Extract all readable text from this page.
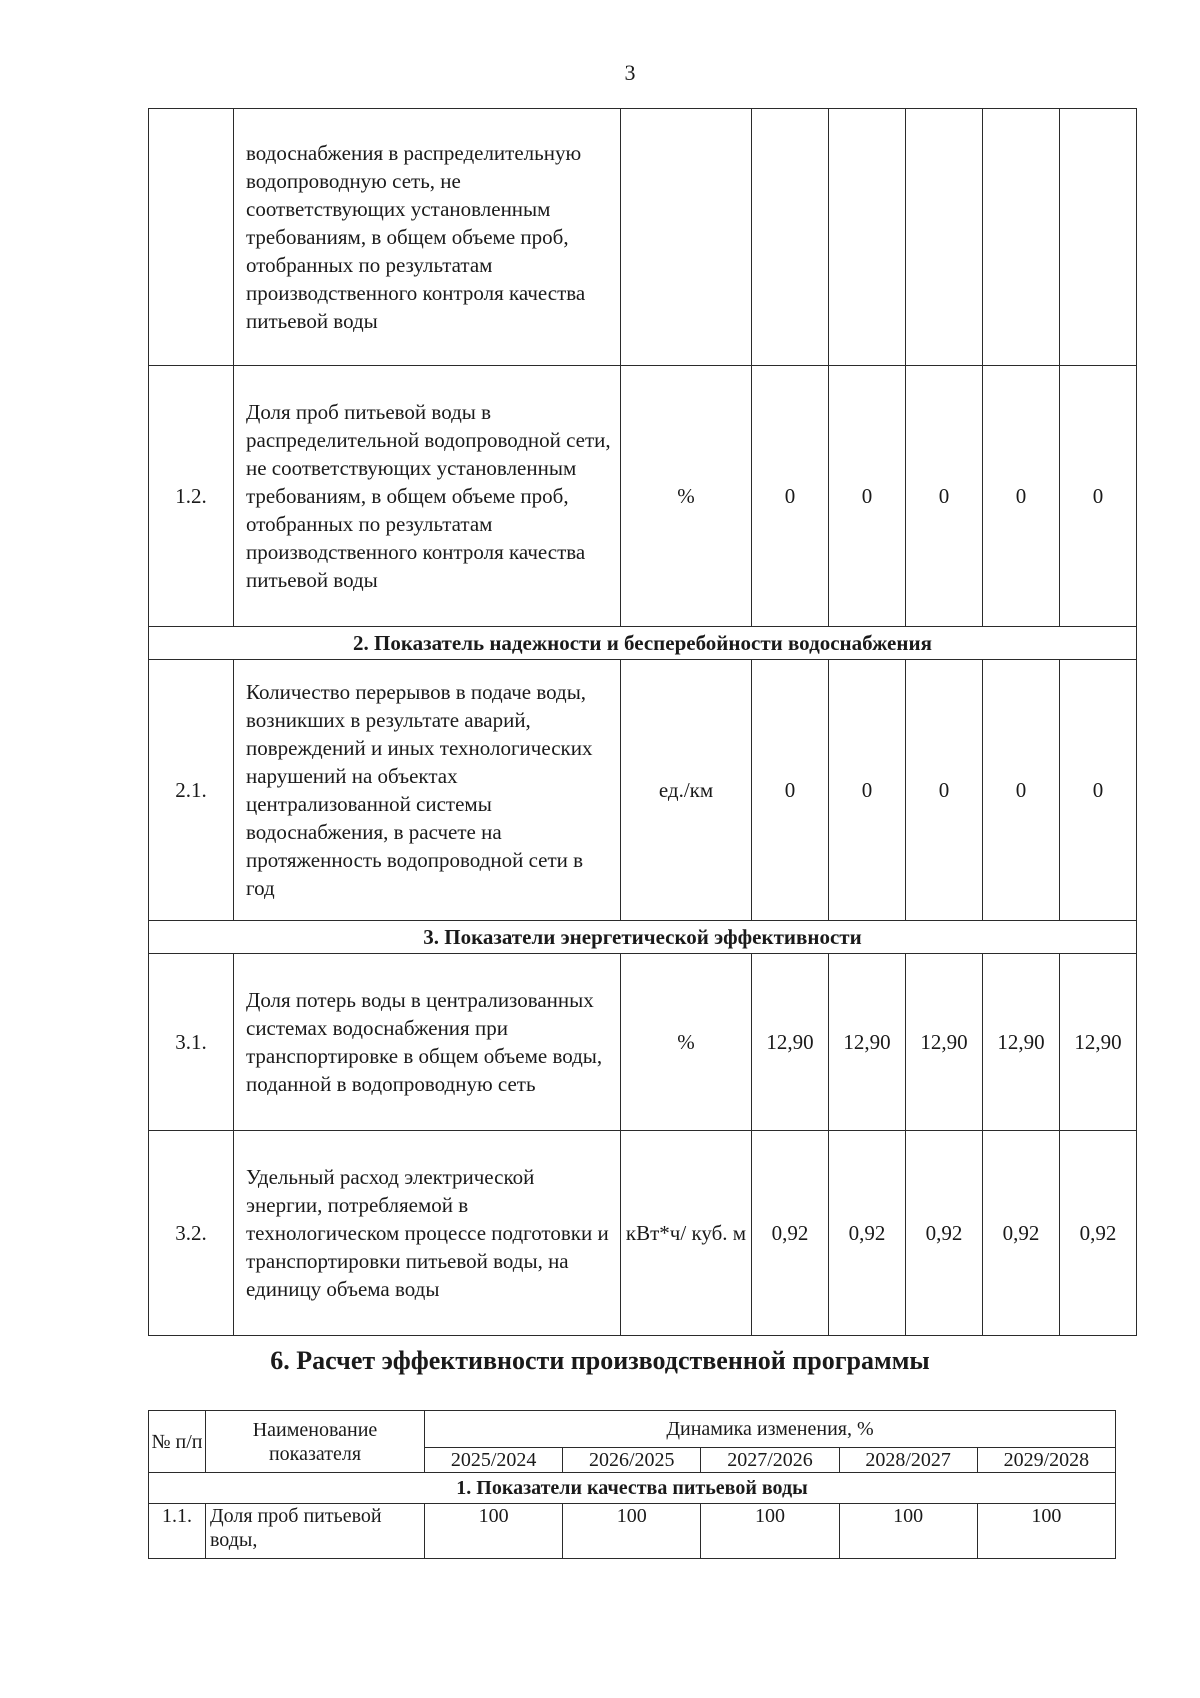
3
	водоснабжения в распределительную водопроводную сеть, не соответствующих установленным требованиям, в общем объеме проб, отобранных по результатам производственного контроля качества питьевой воды						
1.2.	Доля проб питьевой воды в распределительной водопроводной сети, не соответствующих установленным требованиям, в общем объеме проб, отобранных по результатам производственного контроля качества питьевой воды	%	0	0	0	0	0
2. Показатель надежности и бесперебойности водоснабжения							
2.1.	Количество перерывов в подаче воды, возникших в результате аварий, повреждений и иных технологических нарушений на объектах централизованной системы водоснабжения, в расчете на протяженность водопроводной сети в год	ед./км	0	0	0	0	0
3. Показатели энергетической эффективности							
3.1.	Доля потерь воды в централизованных системах водоснабжения при транспортировке в общем объеме воды, поданной в водопроводную сеть	%	12,90	12,90	12,90	12,90	12,90
3.2.	Удельный расход электрической энергии, потребляемой в технологическом процессе подготовки и транспортировки питьевой воды, на единицу объема воды	кВт*ч/ куб. м	0,92	0,92	0,92	0,92	0,92
6. Расчет эффективности производственной программы
№ п/п	Наименование показателя	Динамика изменения, %				
		2025/2024	2026/2025	2027/2026	2028/2027	2029/2028
1. Показатели качества питьевой воды						
1.1.	Доля проб питьевой воды,	100	100	100	100	100
